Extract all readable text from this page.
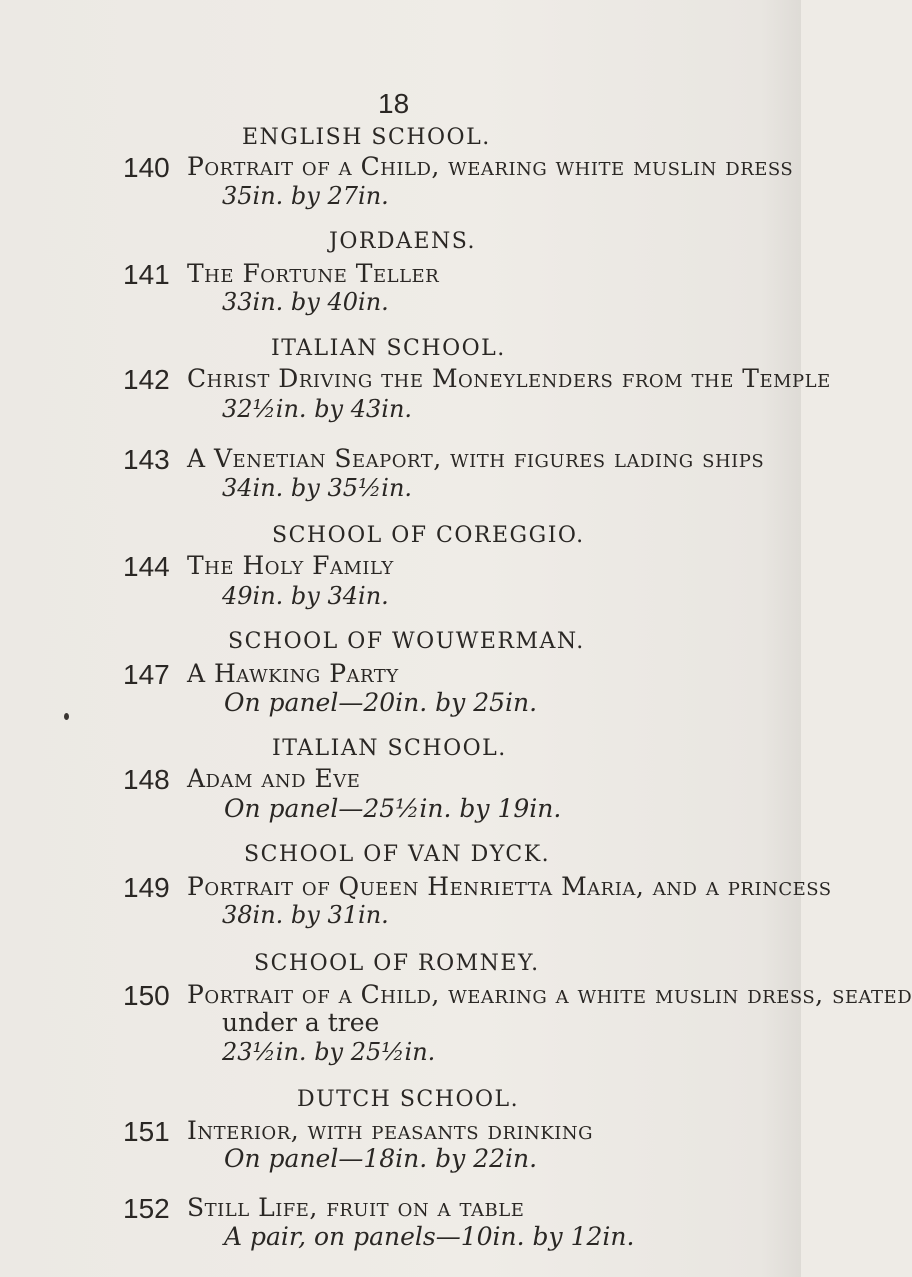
18
ENGLISH SCHOOL.
140 Portrait of a Child, wearing white muslin dress
35in. by 27in.
JORDAENS.
141 The Fortune Teller
33in. by 40in.
ITALIAN SCHOOL.
142 Christ Driving the Moneylenders from the Temple
32½in. by 43in.
143 A Venetian Seaport, with figures lading ships
34in. by 35½in.
SCHOOL OF COREGGIO.
144 The Holy Family
49in. by 34in.
SCHOOL OF WOUWERMAN.
147 A Hawking Party
On panel—20in. by 25in.
ITALIAN SCHOOL.
148 Adam and Eve
On panel—25½in. by 19in.
SCHOOL OF VAN DYCK.
149 Portrait of Queen Henrietta Maria, and a princess
38in. by 31in.
SCHOOL OF ROMNEY.
150 Portrait of a Child, wearing a white muslin dress, seated
under a tree
23½in. by 25½in.
DUTCH SCHOOL.
151 Interior, with peasants drinking
On panel—18in. by 22in.
152 Still Life, fruit on a table
A pair, on panels—10in. by 12in.
